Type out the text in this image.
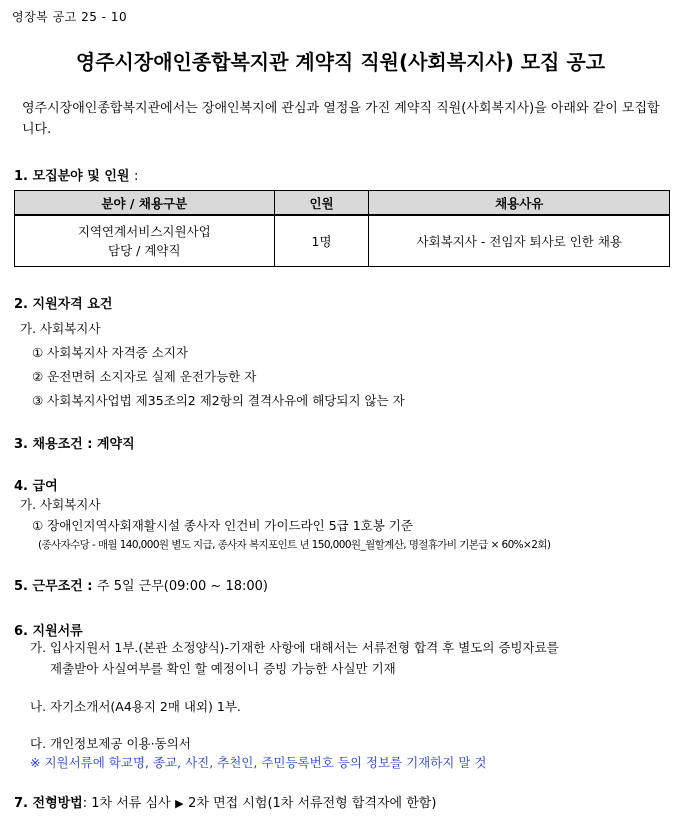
영장복 공고 25 - 10
영주시장애인종합복지관 계약직 직원(사회복지사) 모집 공고
영주시장애인종합복지관에서는 장애인복지에 관심과 열정을 가진 계약직 직원(사회복지사)을 아래와 같이 모집합니다.
1. 모집분야 및 인원 :
분야 / 채용구분	인원	채용사유

지역연계서비스지원사업
담당 / 계약직	1명	사회복지사 - 전임자 퇴사로 인한 채용
2. 지원자격 요건
가. 사회복지사
① 사회복지사 자격증 소지자
② 운전면허 소지자로 실제 운전가능한 자
③ 사회복지사업법 제35조의2 제2항의 결격사유에 해당되지 않는 자
3. 채용조건 : 계약직
4. 급여
가. 사회복지사
① 장애인지역사회재활시설 종사자 인건비 가이드라인 5급 1호봉 기준
(종사자수당 - 매월 140,000원 별도 지급, 종사자 복지포인트 년 150,000원_월할계산, 명절휴가비 기본급 × 60%×2회)
5. 근무조건 : 주 5일 근무(09:00 ~ 18:00)
6. 지원서류
가. 입사지원서 1부.(본관 소정양식)-기재한 사항에 대해서는 서류전형 합격 후 별도의 증빙자료를
제출받아 사실여부를 확인 할 예정이니 증빙 가능한 사실만 기재
나. 자기소개서(A4용지 2매 내외) 1부.
다. 개인정보제공 이용·동의서
※ 지원서류에 학교명, 종교, 사진, 추천인, 주민등록번호 등의 정보를 기재하지 말 것
7. 전형방법: 1차 서류 심사 ▶ 2차 면접 시험(1차 서류전형 합격자에 한함)
